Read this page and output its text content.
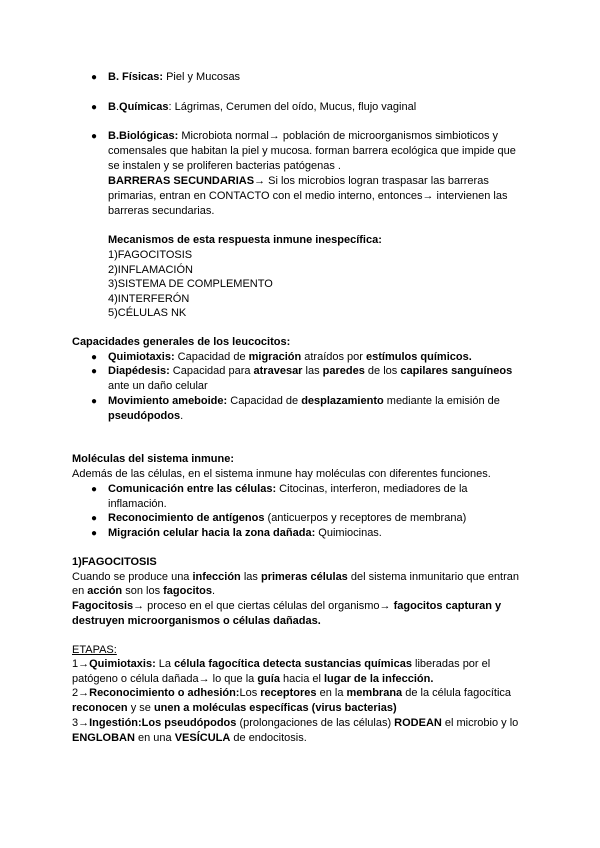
● B. Físicas: Piel y Mucosas
● B.Químicas: Lágrimas, Cerumen del oído, Mucus, flujo vaginal
● B.Biológicas: Microbiota normal→ población de microorganismos simbioticos y
comensales que habitan la piel y mucosa. forman barrera ecológica que impide que
se instalen y se proliferen bacterias patógenas .
BARRERAS SECUNDARIAS→ Si los microbios logran traspasar las barreras
primarias, entran en CONTACTO con el medio interno, entonces→ intervienen las
barreras secundarias.
Mecanismos de esta respuesta inmune inespecífica:
1)FAGOCITOSIS
2)INFLAMACIÓN
3)SISTEMA DE COMPLEMENTO
4)INTERFERÓN
5)CÉLULAS NK
Capacidades generales de los leucocitos:
● Quimiotaxis: Capacidad de migración atraídos por estímulos químicos.
● Diapédesis: Capacidad para atravesar las paredes de los capilares sanguíneos
ante un daño celular
● Movimiento ameboide: Capacidad de desplazamiento mediante la emisión de
pseudópodos.
Moléculas del sistema inmune:
Además de las células, en el sistema inmune hay moléculas con diferentes funciones.
● Comunicación entre las células: Citocinas, interferon, mediadores de la
inflamación.
● Reconocimiento de antígenos (anticuerpos y receptores de membrana)
● Migración celular hacia la zona dañada: Quimiocinas.
1)FAGOCITOSIS
Cuando se produce una infección las primeras células del sistema inmunitario que entran
en acción son los fagocitos.
Fagocitosis→ proceso en el que ciertas células del organismo→ fagocitos capturan y
destruyen microorganismos o células dañadas.
ETAPAS:
1→Quimiotaxis: La célula fagocítica detecta sustancias químicas liberadas por el
patógeno o célula dañada→ lo que la guía hacia el lugar de la infección.
2→Reconocimiento o adhesión:Los receptores en la membrana de la célula fagocítica
reconocen y se unen a moléculas específicas (virus bacterias)
3→Ingestión:Los pseudópodos (prolongaciones de las células) RODEAN el microbio y lo
ENGLOBAN en una VESÍCULA de endocitosis.
